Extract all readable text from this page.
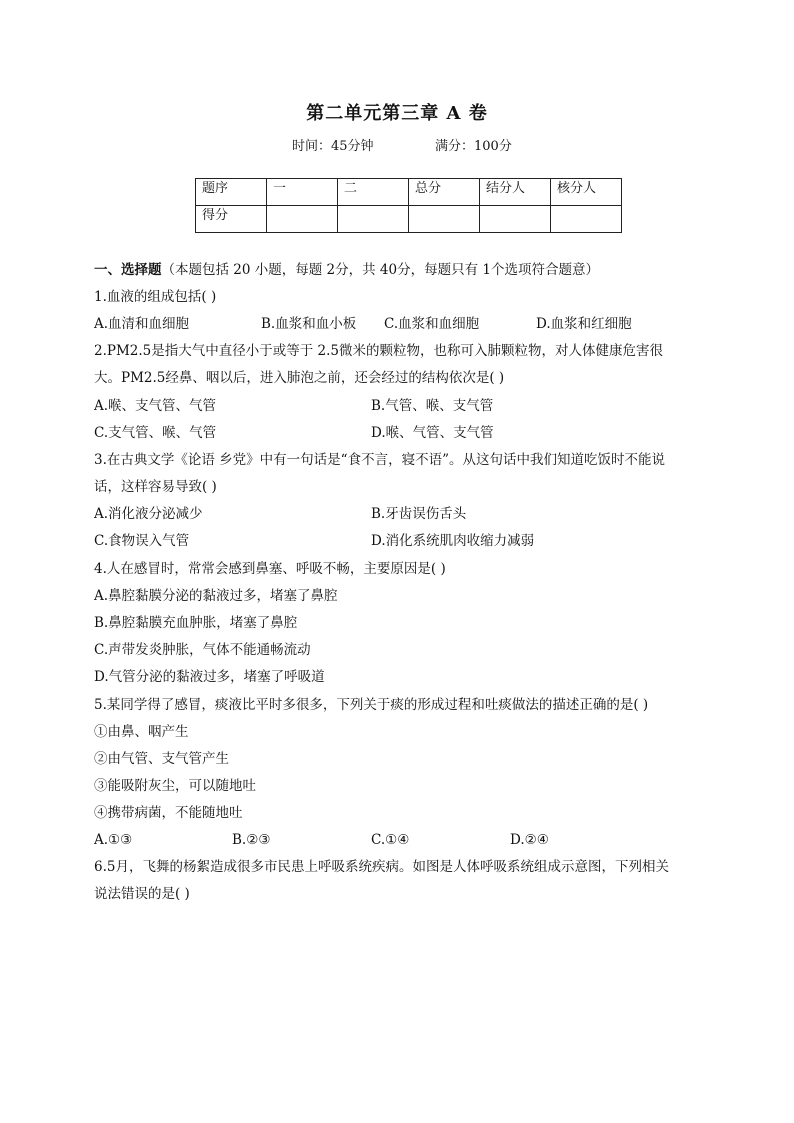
第二单元第三章 A 卷
时间：45分钟	满分：100分
题序	一	二	总分	结分人	核分人
得分					
一、选择题（本题包括 20 小题，每题 2分，共 40分，每题只有 1个选项符合题意）
1.血液的组成包括( )
A.血清和血细胞	B.血浆和血小板 C.血浆和血细胞	D.血浆和红细胞
2.PM2.5是指大气中直径小于或等于 2.5微米的颗粒物，也称可入肺颗粒物，对人体健康危害很
大。PM2.5经鼻、咽以后，进入肺泡之前，还会经过的结构依次是( )
A.喉、支气管、气管	B.气管、喉、支气管
C.支气管、喉、气管	D.喉、气管、支气管
3.在古典文学《论语 乡党》中有一句话是“食不言，寝不语”。从这句话中我们知道吃饭时不能说
话，这样容易导致( )
A.消化液分泌减少	B.牙齿误伤舌头
C.食物误入气管	D.消化系统肌肉收缩力减弱
4.人在感冒时，常常会感到鼻塞、呼吸不畅，主要原因是( )
A.鼻腔黏膜分泌的黏液过多，堵塞了鼻腔
B.鼻腔黏膜充血肿胀，堵塞了鼻腔
C.声带发炎肿胀，气体不能通畅流动
D.气管分泌的黏液过多，堵塞了呼吸道
5.某同学得了感冒，痰液比平时多很多，下列关于痰的形成过程和吐痰做法的描述正确的是( )
①由鼻、咽产生
②由气管、支气管产生
③能吸附灰尘，可以随地吐
④携带病菌，不能随地吐
A.①③	B.②③	C.①④	D.②④
6.5月，飞舞的杨絮造成很多市民患上呼吸系统疾病。如图是人体呼吸系统组成示意图，下列相关
说法错误的是( )
